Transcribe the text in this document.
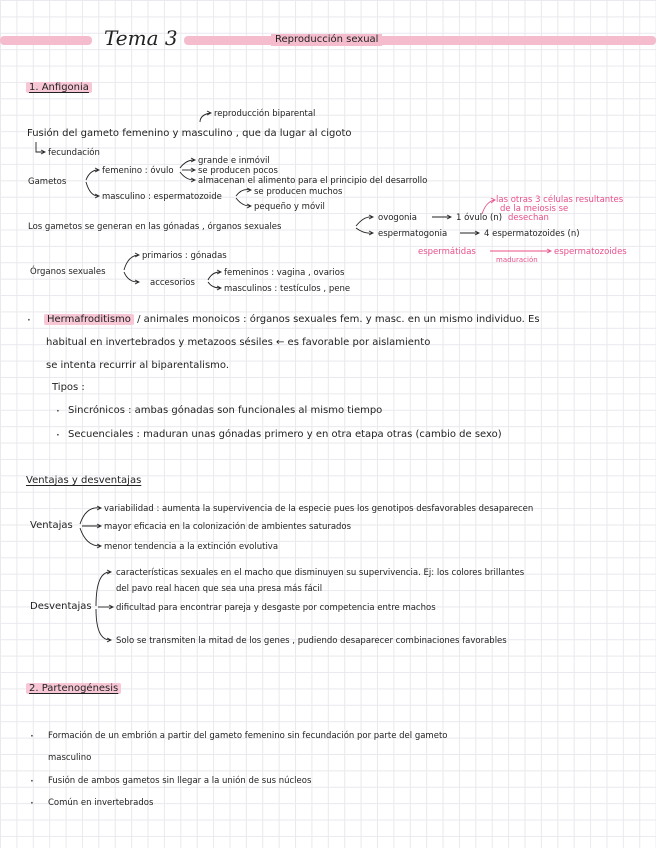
Tema 3	Reproducción sexual
1. Anfigonia
reproducción biparental
Fusión del gameto femenino y masculino , que da lugar al cigoto
fecundación
Gametos
femenino : óvulo
grande e inmóvil
se producen pocos
almacenan el alimento para el principio del desarrollo
masculino : espermatozoide	se producen muchos
pequeño y móvil
Los gametos se generan en las gónadas , órganos sexuales
ovogonia	1 óvulo (n)
espermatogonia	4 espermatozoides (n)
las otras 3 células resultantes
de la meiosis se
desechan
espermátidas
maduración
espermatozoides
Órganos sexuales
primarios : gónadas
accesorios
femeninos : vagina , ovarios
masculinos : testículos , pene
·	Hermafroditismo / animales monoicos : órganos sexuales fem. y masc. en un mismo individuo. Es
habitual en invertebrados y metazoos sésiles ← es favorable por aislamiento
se intenta recurrir al biparentalismo.
Tipos :
· Sincrónicos : ambas gónadas son funcionales al mismo tiempo
· Secuenciales : maduran unas gónadas primero y en otra etapa otras (cambio de sexo)
Ventajas y desventajas
Ventajas
variabilidad : aumenta la supervivencia de la especie pues los genotipos desfavorables desaparecen
mayor eficacia en la colonización de ambientes saturados
menor tendencia a la extinción evolutiva
Desventajas
características sexuales en el macho que disminuyen su supervivencia. Ej: los colores brillantes
del pavo real hacen que sea una presa más fácil
dificultad para encontrar pareja y desgaste por competencia entre machos
Solo se transmiten la mitad de los genes , pudiendo desaparecer combinaciones favorables
2. Partenogénesis
· Formación de un embrión a partir del gameto femenino sin fecundación por parte del gameto
masculino
· Fusión de ambos gametos sin llegar a la unión de sus núcleos
· Común en invertebrados
